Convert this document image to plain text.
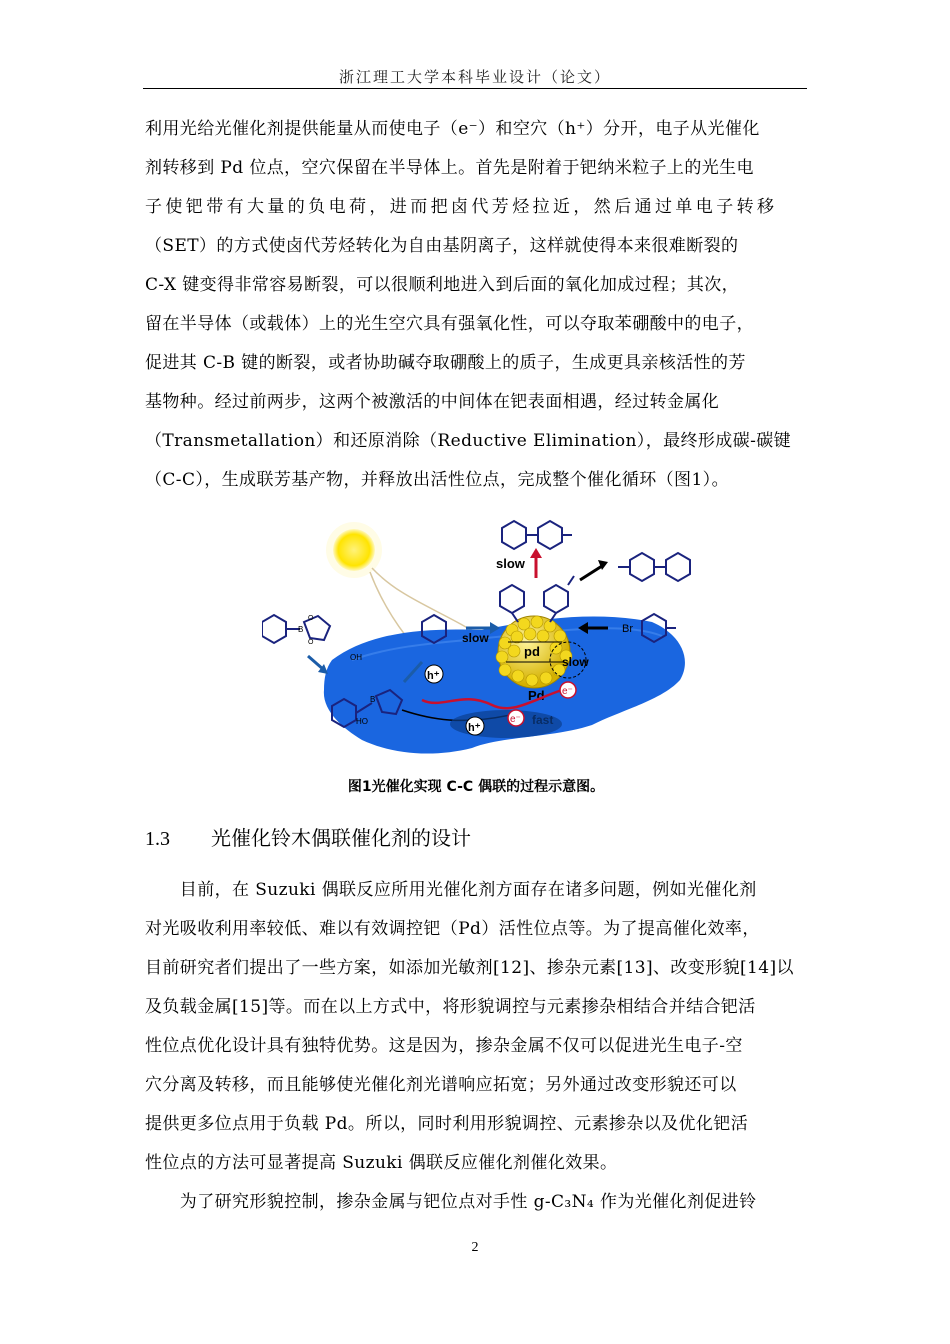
浙江理工大学本科毕业设计（论文）
利用光给光催化剂提供能量从而使电子（e⁻）和空穴（h⁺）分开，电子从光催化
剂转移到 Pd 位点，空穴保留在半导体上。首先是附着于钯纳米粒子上的光生电
子使钯带有大量的负电荷，进而把卤代芳烃拉近，然后通过单电子转移
（SET）的方式使卤代芳烃转化为自由基阴离子，这样就使得本来很难断裂的
C-X 键变得非常容易断裂，可以很顺利地进入到后面的氧化加成过程；其次，
留在半导体（或载体）上的光生空穴具有强氧化性，可以夺取苯硼酸中的电子，
促进其 C-B 键的断裂，或者协助碱夺取硼酸上的质子，生成更具亲核活性的芳
基物种。经过前两步，这两个被激活的中间体在钯表面相遇，经过转金属化
（Transmetallation）和还原消除（Reductive Elimination），最终形成碳-碳键
（C-C），生成联芳基产物，并释放出活性位点，完成整个催化循环（图1）。
pd
Pd
slow
slow
slow
h⁺
h⁺
e⁻
e⁻
Br
OH
HO
B
B
O
O
图1光催化实现 C-C 偶联的过程示意图。
1.3 光催化铃木偶联催化剂的设计
　　目前，在 Suzuki 偶联反应所用光催化剂方面存在诸多问题，例如光催化剂
对光吸收利用率较低、难以有效调控钯（Pd）活性位点等。为了提高催化效率，
目前研究者们提出了一些方案，如添加光敏剂[12]、掺杂元素[13]、改变形貌[14]以
及负载金属[15]等。而在以上方式中，将形貌调控与元素掺杂相结合并结合钯活
性位点优化设计具有独特优势。这是因为，掺杂金属不仅可以促进光生电子-空
穴分离及转移，而且能够使光催化剂光谱响应拓宽；另外通过改变形貌还可以
提供更多位点用于负载 Pd。所以，同时利用形貌调控、元素掺杂以及优化钯活
性位点的方法可显著提高 Suzuki 偶联反应催化剂催化效果。
　　为了研究形貌控制，掺杂金属与钯位点对手性 g-C₃N₄ 作为光催化剂促进铃
2
